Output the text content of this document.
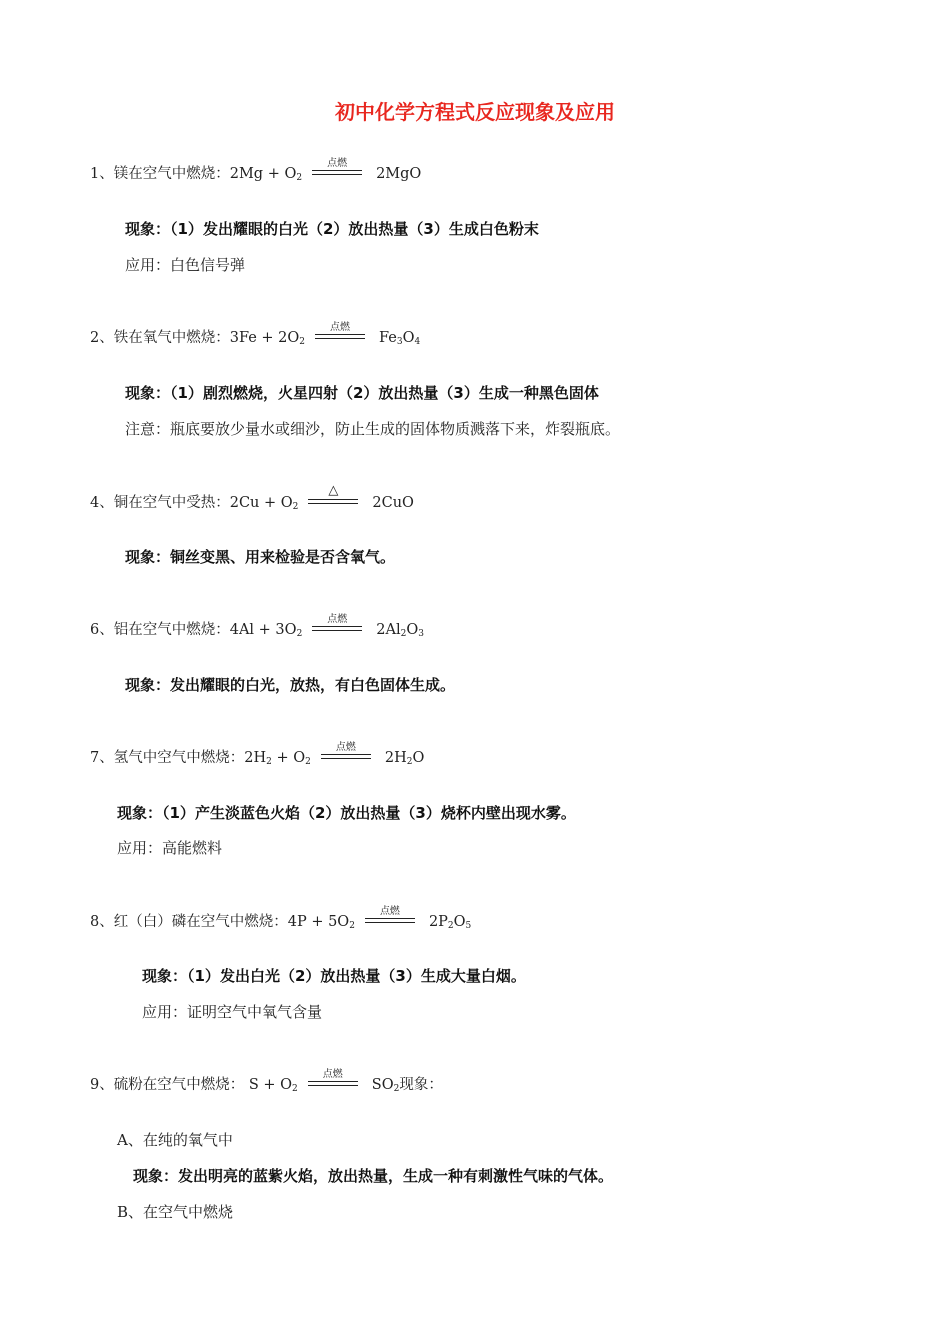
初中化学方程式反应现象及应用
1、镁在空气中燃烧： $2Mg + O_2$
点燃
2MgO
现象：（1）发出耀眼的白光（2）放出热量（3）生成白色粉末
应用：白色信号弹
2、铁在氧气中燃烧： $3Fe + 2O_2$
点燃
$Fe_3O_4$
现象：（1）剧烈燃烧，火星四射（2）放出热量（3）生成一种黑色固体
注意：瓶底要放少量水或细沙，防止生成的固体物质溅落下来，炸裂瓶底。
4、铜在空气中受热： $2Cu + O_2$
△
2CuO
现象：铜丝变黑、用来检验是否含氧气。
6、铝在空气中燃烧： $4Al + 3O_2$
点燃
$2Al_2O_3$
现象：发出耀眼的白光，放热，有白色固体生成。
7、氢气中空气中燃烧： $2H_2 + O_2$
点燃
$2H_2O$
现象：（1）产生淡蓝色火焰（2）放出热量（3）烧杯内壁出现水雾。
应用：高能燃料
8、红（白）磷在空气中燃烧： $4P + 5O_2$
点燃
$2P_2O_5$
现象：（1）发出白光（2）放出热量（3）生成大量白烟。
应用：证明空气中氧气含量
9、硫粉在空气中燃烧： $S + O_2$
点燃
$SO_2$现象：
A、在纯的氧气中
现象：发出明亮的蓝紫火焰，放出热量，生成一种有刺激性气味的气体。
B、在空气中燃烧
